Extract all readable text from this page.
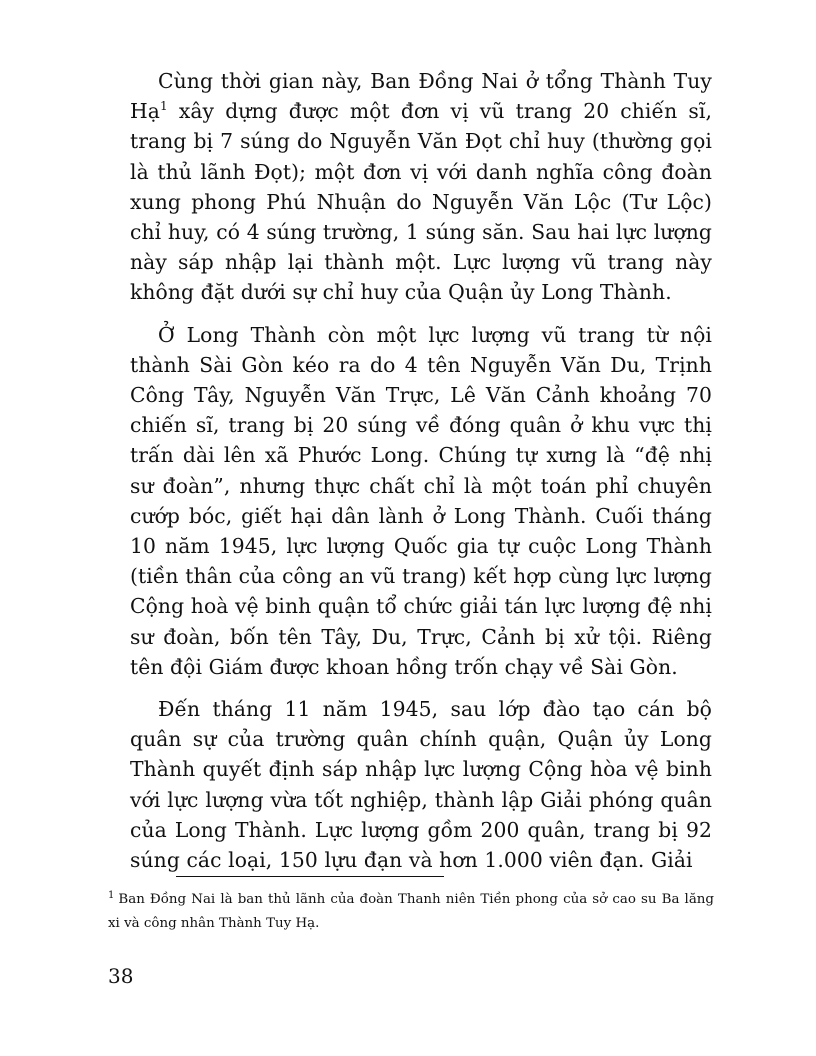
Cùng thời gian này, Ban Đồng Nai ở tổng Thành Tuy Hạ$^1$ xây dựng được một đơn vị vũ trang 20 chiến sĩ, trang bị 7 súng do Nguyễn Văn Đọt chỉ huy (thường gọi là thủ lãnh Đọt); một đơn vị với danh nghĩa công đoàn xung phong Phú Nhuận do Nguyễn Văn Lộc (Tư Lộc) chỉ huy, có 4 súng trường, 1 súng săn. Sau hai lực lượng này sáp nhập lại thành một. Lực lượng vũ trang này không đặt dưới sự chỉ huy của Quận ủy Long Thành.

Ở Long Thành còn một lực lượng vũ trang từ nội thành Sài Gòn kéo ra do 4 tên Nguyễn Văn Du, Trịnh Công Tây, Nguyễn Văn Trực, Lê Văn Cảnh khoảng 70 chiến sĩ, trang bị 20 súng về đóng quân ở khu vực thị trấn dài lên xã Phước Long. Chúng tự xưng là “đệ nhị sư đoàn”, nhưng thực chất chỉ là một toán phỉ chuyên cướp bóc, giết hại dân lành ở Long Thành. Cuối tháng 10 năm 1945, lực lượng Quốc gia tự cuộc Long Thành (tiền thân của công an vũ trang) kết hợp cùng lực lượng Cộng hoà vệ binh quận tổ chức giải tán lực lượng đệ nhị sư đoàn, bốn tên Tây, Du, Trực, Cảnh bị xử tội. Riêng tên đội Giám được khoan hồng trốn chạy về Sài Gòn.

Đến tháng 11 năm 1945, sau lớp đào tạo cán bộ quân sự của trường quân chính quận, Quận ủy Long Thành quyết định sáp nhập lực lượng Cộng hòa vệ binh với lực lượng vừa tốt nghiệp, thành lập Giải phóng quân của Long Thành. Lực lượng gồm 200 quân, trang bị 92 súng các loại, 150 lựu đạn và hơn 1.000 viên đạn. Giải

$^1$ Ban Đồng Nai là ban thủ lãnh của đoàn Thanh niên Tiền phong của sở cao su Ba lăng xi và công nhân Thành Tuy Hạ.

38
